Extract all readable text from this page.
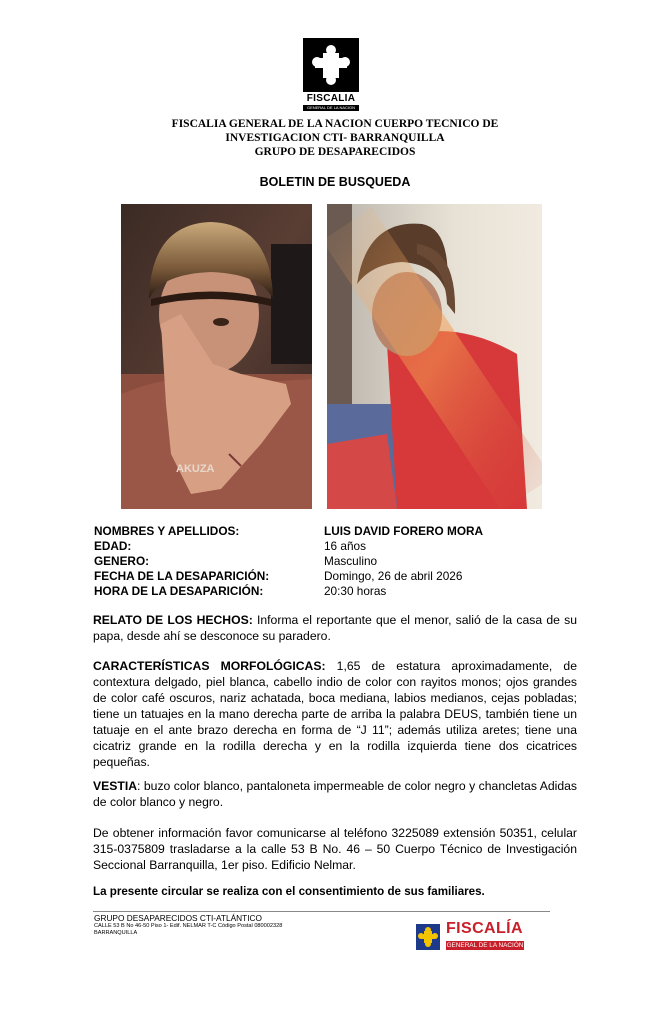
FISCALIA
GENERAL DE LA NACION
FISCALIA GENERAL DE LA NACION CUERPO TECNICO DE
INVESTIGACION CTI- BARRANQUILLA
GRUPO DE DESAPARECIDOS
BOLETIN DE BUSQUEDA
AKUZA
NOMBRES Y APELLIDOS:	LUIS DAVID FORERO MORA
EDAD:	16 años
GENERO:	Masculino
FECHA DE LA DESAPARICIÓN:	Domingo, 26 de abril 2026
HORA DE LA DESAPARICIÓN:	20:30 horas
RELATO DE LOS HECHOS: Informa el reportante que el menor, salió de la casa de su papa, desde ahí se desconoce su paradero.
CARACTERÍSTICAS MORFOLÓGICAS: 1,65 de estatura aproximadamente, de contextura delgado, piel blanca, cabello indio de color con rayitos monos; ojos grandes de color café oscuros, nariz achatada, boca mediana, labios medianos, cejas pobladas; tiene un tatuajes en la mano derecha parte de arriba la palabra DEUS, también tiene un tatuaje en el ante brazo derecha en forma de “J 11”; además utiliza aretes; tiene una cicatriz grande en la rodilla derecha y en la rodilla izquierda tiene dos cicatrices pequeñas.
VESTIA: buzo color blanco, pantaloneta impermeable de color negro y chancletas Adidas de color blanco y negro.
De obtener información favor comunicarse al teléfono 3225089 extensión 50351, celular 315-0375809 trasladarse a la calle 53 B No. 46 – 50 Cuerpo Técnico de Investigación Seccional Barranquilla, 1er piso. Edificio Nelmar.
La presente circular se realiza con el consentimiento de sus familiares.
GRUPO DESAPARECIDOS CTI-ATLÁNTICO
CALLE 53 B No 46-50 Piso 1- Edif. NELMAR T-C Código Postal 080002328
BARRANQUILLA	FISCALÍA
GENERAL DE LA NACIÓN
